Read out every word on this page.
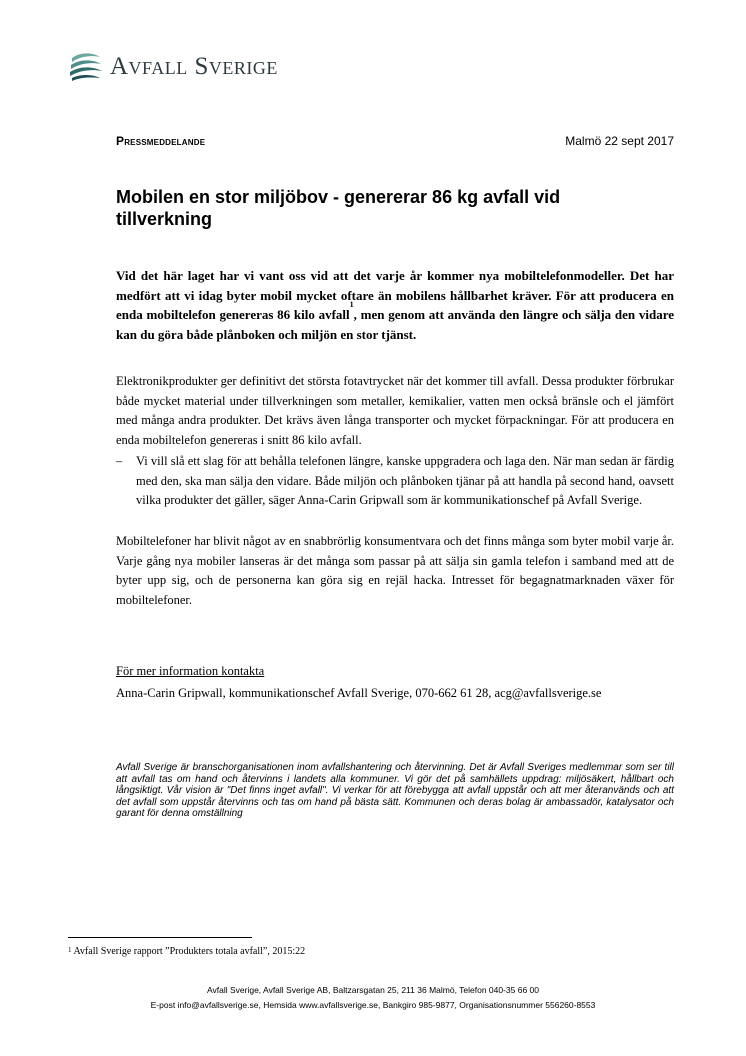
Avfall Sverige
Pressmeddelande	Malmö 22 sept 2017
Mobilen en stor miljöbov - genererar 86 kg avfall vid tillverkning
Vid det här laget har vi vant oss vid att det varje år kommer nya mobiltelefonmodeller. Det har medfört att vi idag byter mobil mycket oftare än mobilens hållbarhet kräver. För att producera en enda mobiltelefon genereras 86 kilo avfall$^1$, men genom att använda den längre och sälja den vidare kan du göra både plånboken och miljön en stor tjänst.
Elektronikprodukter ger definitivt det största fotavtrycket när det kommer till avfall. Dessa produkter förbrukar både mycket material under tillverkningen som metaller, kemikalier, vatten men också bränsle och el jämfört med många andra produkter. Det krävs även långa transporter och mycket förpackningar. För att producera en enda mobiltelefon genereras i snitt 86 kilo avfall.
– Vi vill slå ett slag för att behålla telefonen längre, kanske uppgradera och laga den. När man sedan är färdig med den, ska man sälja den vidare. Både miljön och plånboken tjänar på att handla på second hand, oavsett vilka produkter det gäller, säger Anna-Carin Gripwall som är kommunikationschef på Avfall Sverige.
Mobiltelefoner har blivit något av en snabbrörlig konsumentvara och det finns många som byter mobil varje år. Varje gång nya mobiler lanseras är det många som passar på att sälja sin gamla telefon i samband med att de byter upp sig, och de personerna kan göra sig en rejäl hacka. Intresset för begagnatmarknaden växer för mobiltelefoner.
För mer information kontakta
Anna-Carin Gripwall, kommunikationschef Avfall Sverige, 070-662 61 28, acg@avfallsverige.se
Avfall Sverige är branschorganisationen inom avfallshantering och återvinning. Det är Avfall Sveriges medlemmar som ser till att avfall tas om hand och återvinns i landets alla kommuner. Vi gör det på samhällets uppdrag: miljösäkert, hållbart och långsiktigt. Vår vision är "Det finns inget avfall". Vi verkar för att förebygga att avfall uppstår och att mer återanvänds och att det avfall som uppstår återvinns och tas om hand på bästa sätt. Kommunen och deras bolag är ambassadör, katalysator och garant för denna omställning
$^1$ Avfall Sverige rapport ”Produkters totala avfall”, 2015:22
Avfall Sverige, Avfall Sverige AB, Baltzarsgatan 25, 211 36 Malmö, Telefon 040-35 66 00
E-post info@avfallsverige.se, Hemsida www.avfallsverige.se, Bankgiro 985-9877, Organisationsnummer 556260-8553
